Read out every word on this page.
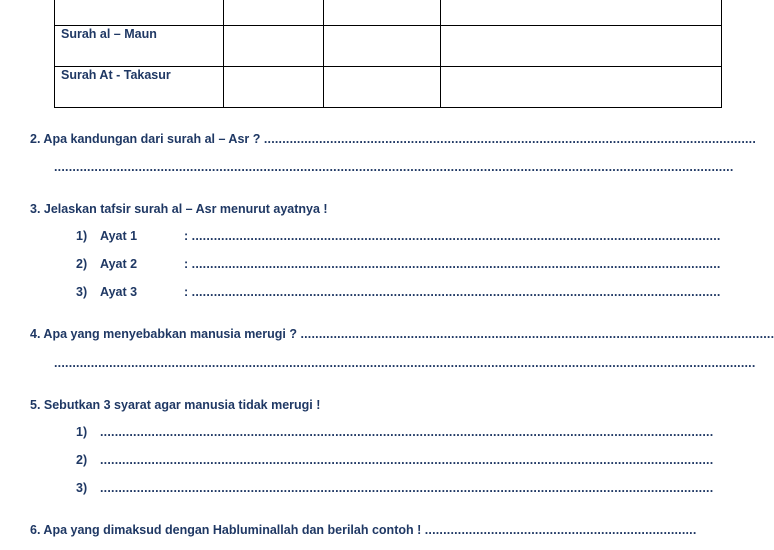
Surah al – Maun			
Surah At - Takasur			
2. Apa kandungan dari surah al – Asr ? ......................................................................................................................................
.........................................................................................................................................................................................
3. Jelaskan tafsir surah al – Asr menurut ayatnya !
1)	Ayat 1	: ................................................................................................................................................
2) Ayat 2	: ................................................................................................................................................
3) Ayat 3	: ................................................................................................................................................
4. Apa yang menyebabkan manusia merugi ? .................................................................................................................................
...............................................................................................................................................................................................
5. Sebutkan 3 syarat agar manusia tidak merugi !
1) .......................................................................................................................................................................
2) .......................................................................................................................................................................
3) .......................................................................................................................................................................
6. Apa yang dimaksud dengan Habluminallah dan berilah contoh ! ..........................................................................
